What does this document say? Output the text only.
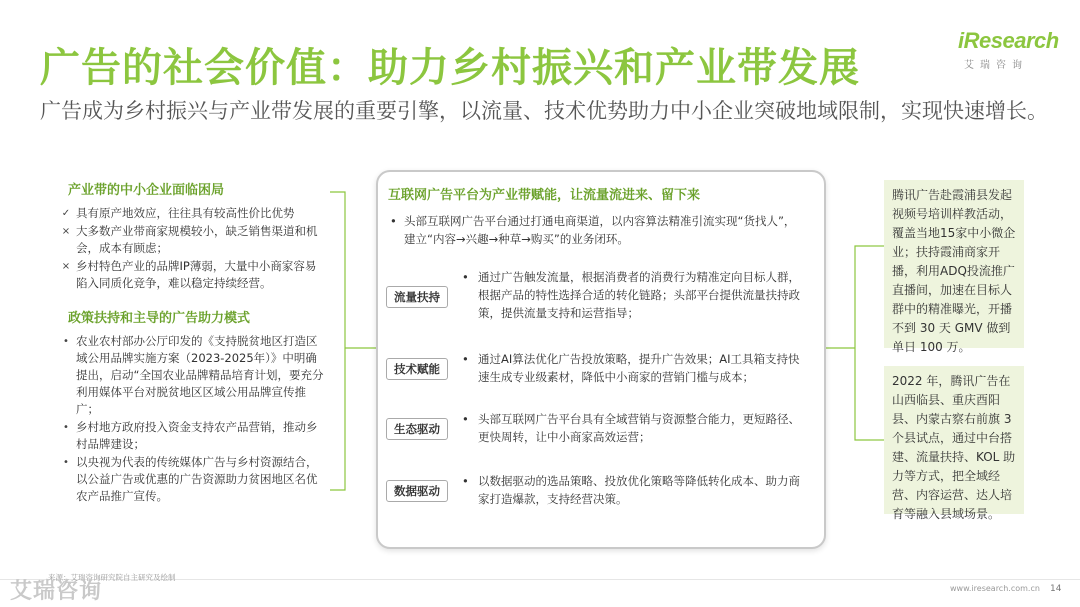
iResearch
艾瑞咨询
广告的社会价值：助力乡村振兴和产业带发展
广告成为乡村振兴与产业带发展的重要引擎，以流量、技术优势助力中小企业突破地域限制，实现快速增长。
产业带的中小企业面临困局
✓ 具有原产地效应，往往具有较高性价比优势
× 大多数产业带商家规模较小，缺乏销售渠道和机会，成本有顾虑；
× 乡村特色产业的品牌IP薄弱，大量中小商家容易陷入同质化竞争，难以稳定持续经营。
政策扶持和主导的广告助力模式
• 农业农村部办公厅印发的《支持脱贫地区打造区域公用品牌实施方案（2023-2025年）》中明确提出，启动“全国农业品牌精品培育计划，要充分利用媒体平台对脱贫地区区域公用品牌宣传推广；
• 乡村地方政府投入资金支持农产品营销，推动乡村品牌建设；
• 以央视为代表的传统媒体广告与乡村资源结合，以公益广告或优惠的广告资源助力贫困地区名优农产品推广宣传。
互联网广告平台为产业带赋能，让流量流进来、留下来
• 头部互联网广告平台通过打通电商渠道，以内容算法精准引流实现“货找人”，建立“内容→兴趣→种草→购买”的业务闭环。
流量扶持
• 通过广告触发流量，根据消费者的消费行为精准定向目标人群，根据产品的特性选择合适的转化链路；头部平台提供流量扶持政策，提供流量支持和运营指导；
技术赋能
• 通过AI算法优化广告投放策略，提升广告效果；AI工具箱支持快速生成专业级素材，降低中小商家的营销门槛与成本；
生态驱动
• 头部互联网广告平台具有全域营销与资源整合能力，更短路径、更快周转，让中小商家高效运营；
数据驱动
• 以数据驱动的选品策略、投放优化策略等降低转化成本、助力商家打造爆款，支持经营决策。
腾讯广告赴霞浦县发起视频号培训样教活动，覆盖当地15家中小微企业；扶持霞浦商家开播，利用ADQ投流推广直播间，加速在目标人群中的精准曝光，开播不到 30 天 GMV 做到单日 100 万。
2022 年，腾讯广告在山西临县、重庆酉阳县、内蒙古察右前旗 3 个县试点，通过中台搭建、流量扶持、KOL 助力等方式，把全域经营、内容运营、达人培育等融入县域场景。
来源：艾瑞咨询研究院自主研究及绘制
艾瑞咨询	www.iresearch.com.cn 14
